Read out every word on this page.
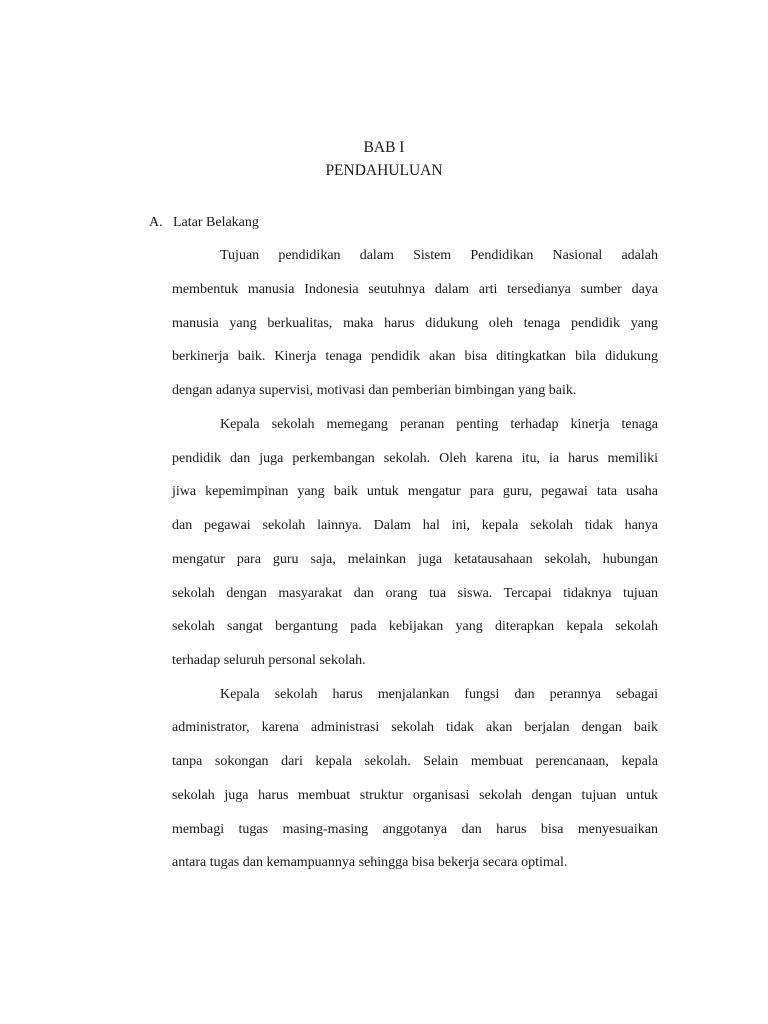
BAB I
PENDAHULUAN
A. Latar Belakang
Tujuan pendidikan dalam Sistem Pendidikan Nasional adalah
membentuk manusia Indonesia seutuhnya dalam arti tersedianya sumber daya
manusia yang berkualitas, maka harus didukung oleh tenaga pendidik yang
berkinerja baik. Kinerja tenaga pendidik akan bisa ditingkatkan bila didukung
dengan adanya supervisi, motivasi dan pemberian bimbingan yang baik.
Kepala sekolah memegang peranan penting terhadap kinerja tenaga
pendidik dan juga perkembangan sekolah. Oleh karena itu, ia harus memiliki
jiwa kepemimpinan yang baik untuk mengatur para guru, pegawai tata usaha
dan pegawai sekolah lainnya. Dalam hal ini, kepala sekolah tidak hanya
mengatur para guru saja, melainkan juga ketatausahaan sekolah, hubungan
sekolah dengan masyarakat dan orang tua siswa. Tercapai tidaknya tujuan
sekolah sangat bergantung pada kebijakan yang diterapkan kepala sekolah
terhadap seluruh personal sekolah.
Kepala sekolah harus menjalankan fungsi dan perannya sebagai
administrator, karena administrasi sekolah tidak akan berjalan dengan baik
tanpa sokongan dari kepala sekolah. Selain membuat perencanaan, kepala
sekolah juga harus membuat struktur organisasi sekolah dengan tujuan untuk
membagi tugas masing-masing anggotanya dan harus bisa menyesuaikan
antara tugas dan kemampuannya sehingga bisa bekerja secara optimal.
